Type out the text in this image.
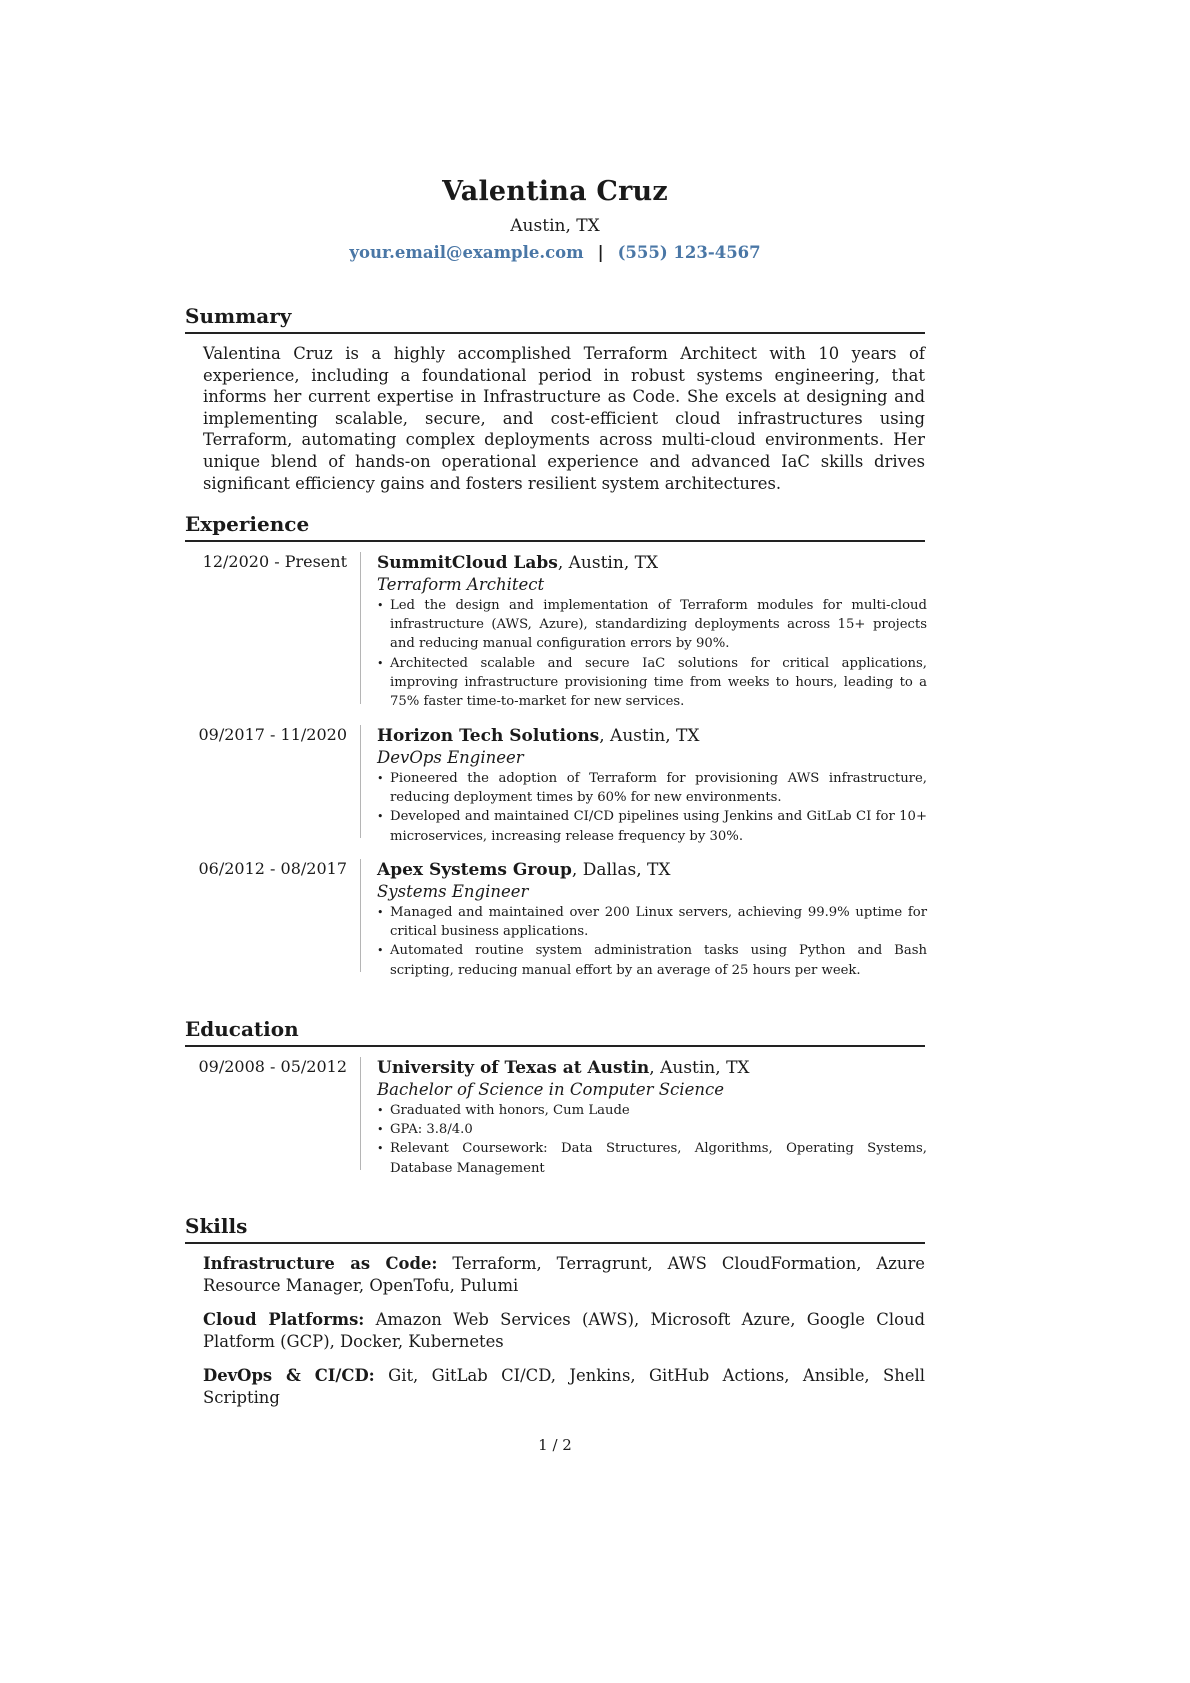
Valentina Cruz
Austin, TX
your.email@example.com | (555) 123-4567
Summary

Valentina Cruz is a highly accomplished Terraform Architect with 10 years of experience, including a foundational period in robust systems engineering, that informs her current expertise in Infrastructure as Code. She excels at designing and implementing scalable, secure, and cost-efficient cloud infrastructures using Terraform, automating complex deployments across multi-cloud environments. Her unique blend of hands-on operational experience and advanced IaC skills drives significant efficiency gains and fosters resilient system architectures.

Experience
12/2020 - Present SummitCloud Labs, Austin, TX
Terraform Architect
• Led the design and implementation of Terraform modules for multi-cloud infrastructure (AWS, Azure), standardizing deployments across 15+ projects and reducing manual configuration errors by 90%.
• Architected scalable and secure IaC solutions for critical applications, improving infrastructure provisioning time from weeks to hours, leading to a 75% faster time-to-market for new services.
09/2017 - 11/2020 Horizon Tech Solutions, Austin, TX
DevOps Engineer
• Pioneered the adoption of Terraform for provisioning AWS infrastructure, reducing deployment times by 60% for new environments.
• Developed and maintained CI/CD pipelines using Jenkins and GitLab CI for 10+ microservices, increasing release frequency by 30%.
06/2012 - 08/2017 Apex Systems Group, Dallas, TX
Systems Engineer
• Managed and maintained over 200 Linux servers, achieving 99.9% uptime for critical business applications.
• Automated routine system administration tasks using Python and Bash scripting, reducing manual effort by an average of 25 hours per week.
Education
09/2008 - 05/2012 University of Texas at Austin, Austin, TX
Bachelor of Science in Computer Science
• Graduated with honors, Cum Laude
• GPA: 3.8/4.0
• Relevant Coursework: Data Structures, Algorithms, Operating Systems, Database Management
Skills

Infrastructure as Code: Terraform, Terragrunt, AWS CloudFormation, Azure Resource Manager, OpenTofu, Pulumi

Cloud Platforms: Amazon Web Services (AWS), Microsoft Azure, Google Cloud Platform (GCP), Docker, Kubernetes

DevOps & CI/CD: Git, GitLab CI/CD, Jenkins, GitHub Actions, Ansible, Shell Scripting

1 / 2
